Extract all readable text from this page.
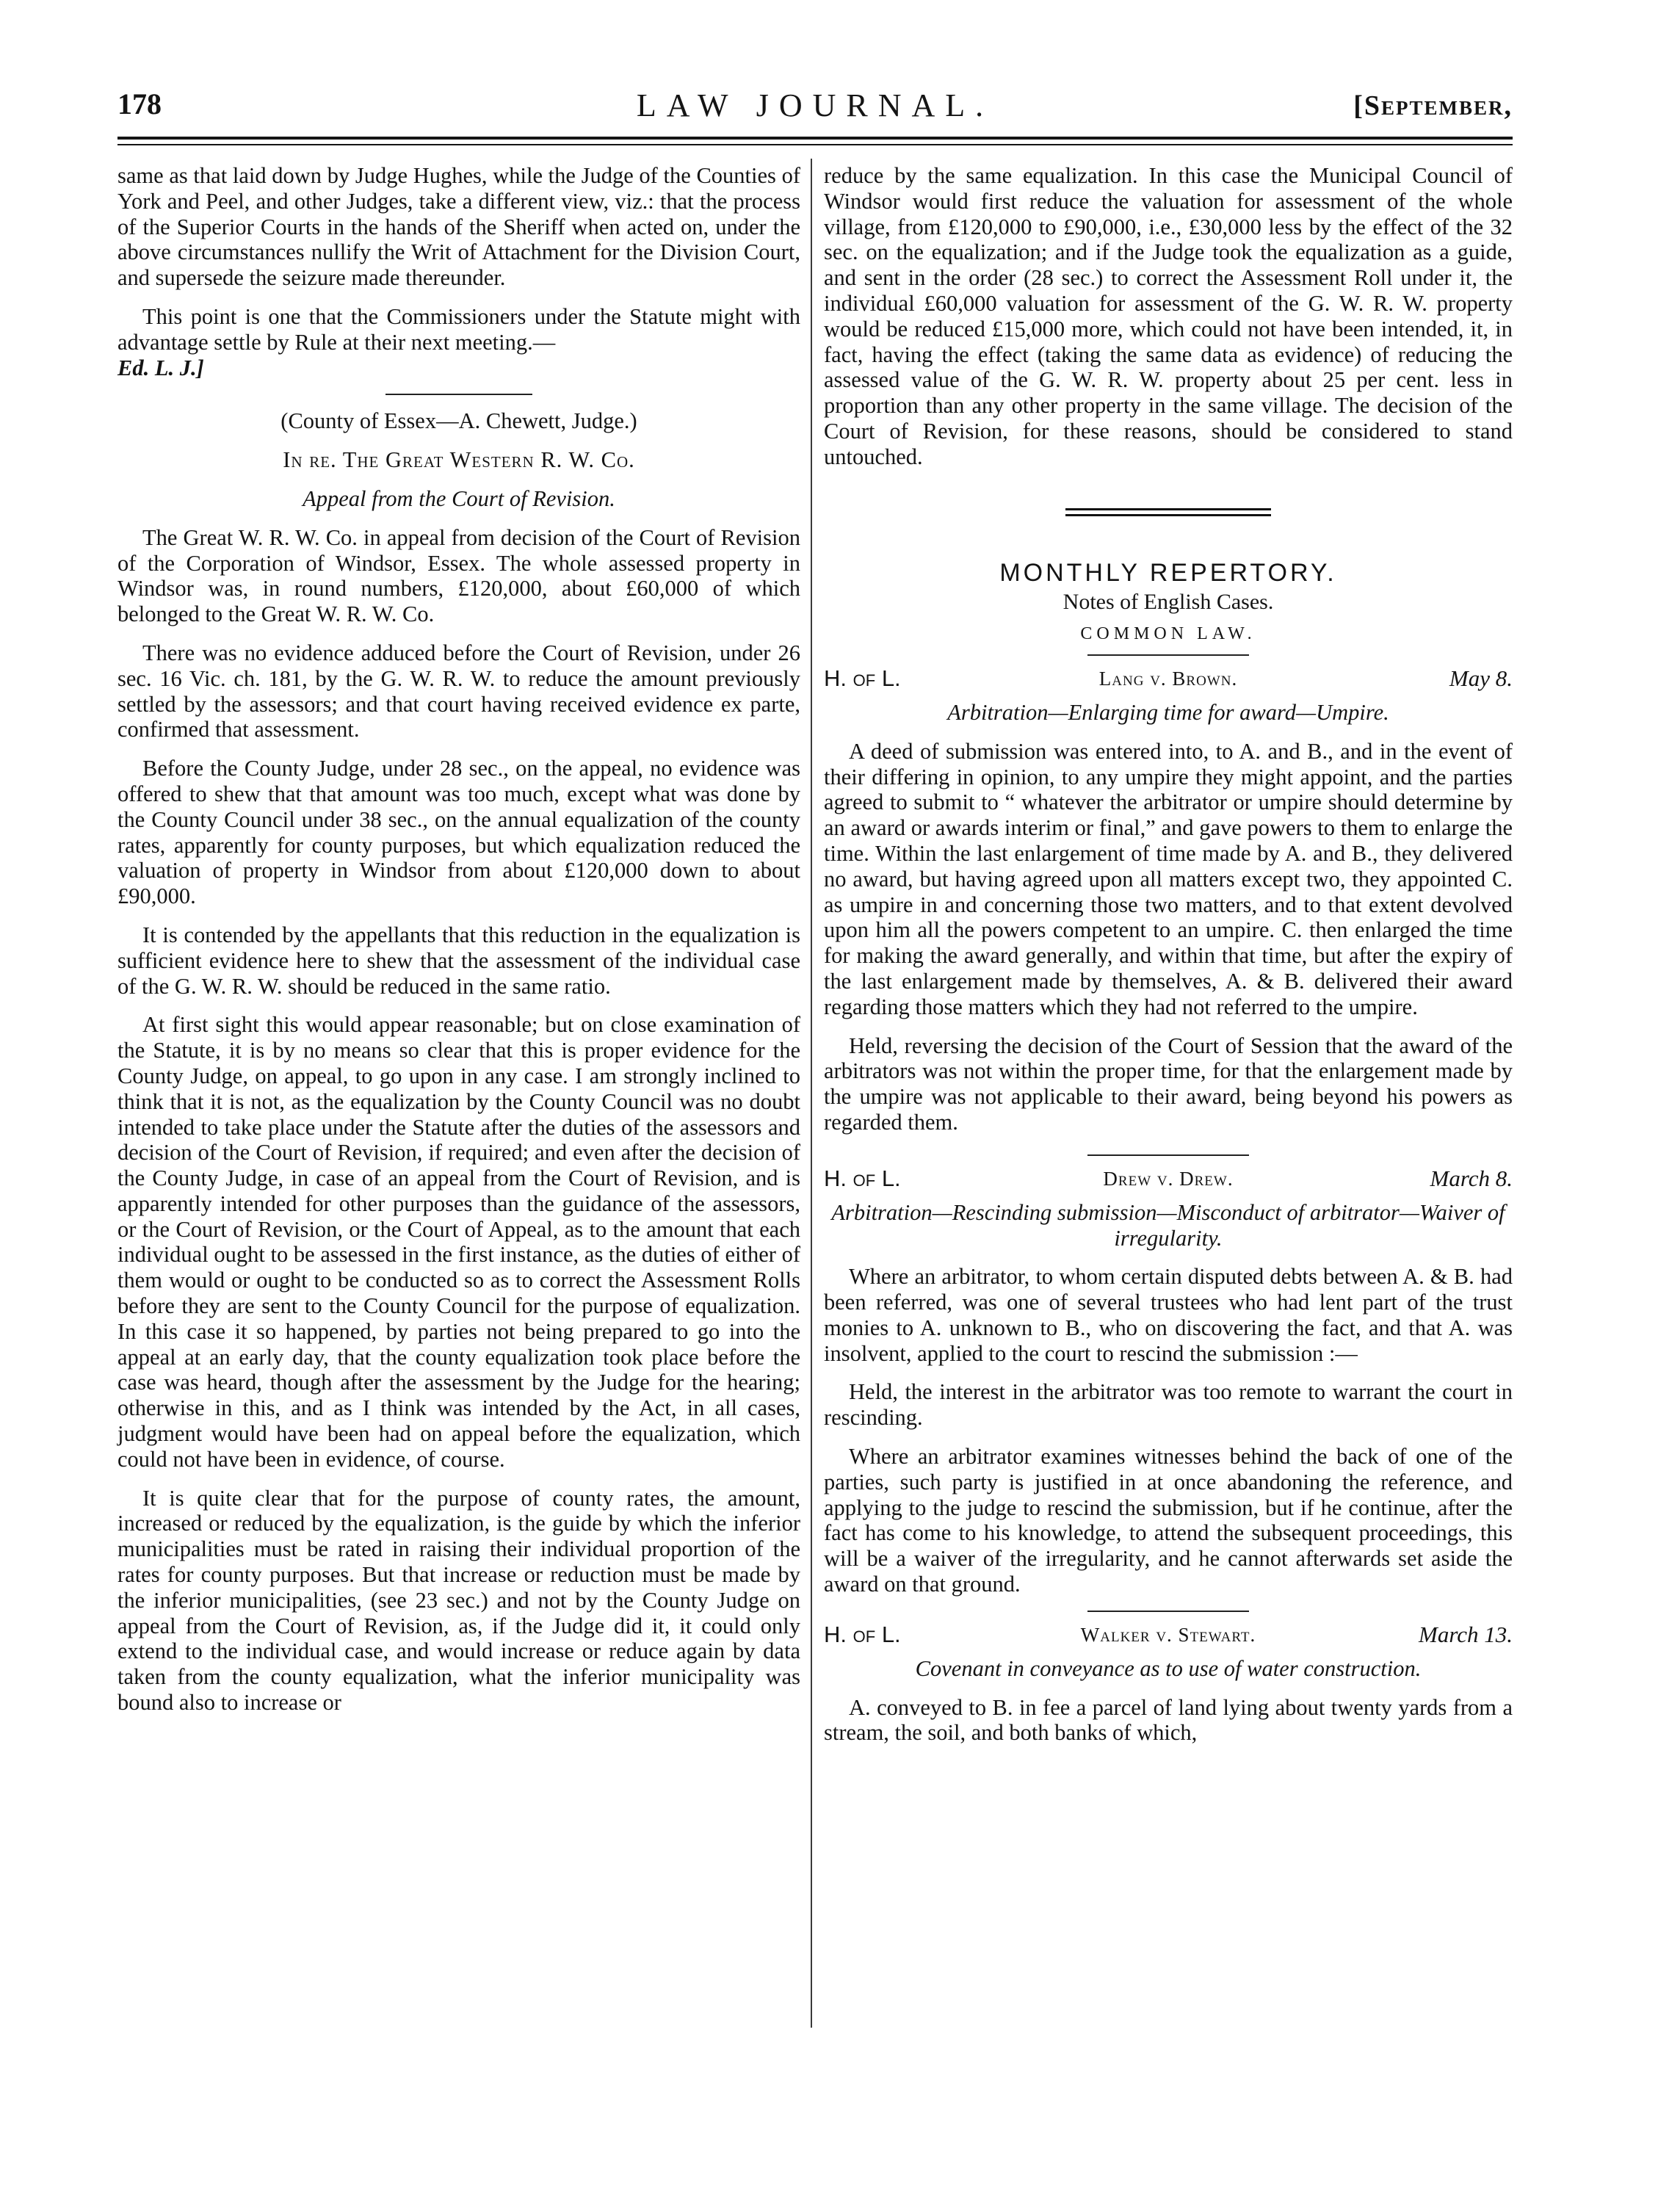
178	LAW JOURNAL.	[September,

same as that laid down by Judge Hughes, while the Judge of the Counties of York and Peel, and other Judges, take a different view, viz.: that the process of the Superior Courts in the hands of the Sheriff when acted on, under the above circumstances nullify the Writ of Attachment for the Division Court, and supersede the seizure made thereunder.

This point is one that the Commissioners under the Statute might with advantage settle by Rule at their next meeting.—
Ed. L. J.]

(County of Essex—A. Chewett, Judge.)

In re. The Great Western R. W. Co.

Appeal from the Court of Revision.

The Great W. R. W. Co. in appeal from decision of the Court of Revision of the Corporation of Windsor, Essex. The whole assessed property in Windsor was, in round numbers, £120,000, about £60,000 of which belonged to the Great W. R. W. Co.

There was no evidence adduced before the Court of Revision, under 26 sec. 16 Vic. ch. 181, by the G. W. R. W. to reduce the amount previously settled by the assessors; and that court having received evidence ex parte, confirmed that assessment.

Before the County Judge, under 28 sec., on the appeal, no evidence was offered to shew that that amount was too much, except what was done by the County Council under 38 sec., on the annual equalization of the county rates, apparently for county purposes, but which equalization reduced the valuation of property in Windsor from about £120,000 down to about £90,000.

It is contended by the appellants that this reduction in the equalization is sufficient evidence here to shew that the assessment of the individual case of the G. W. R. W. should be reduced in the same ratio.

At first sight this would appear reasonable; but on close examination of the Statute, it is by no means so clear that this is proper evidence for the County Judge, on appeal, to go upon in any case. I am strongly inclined to think that it is not, as the equalization by the County Council was no doubt intended to take place under the Statute after the duties of the assessors and decision of the Court of Revision, if required; and even after the decision of the County Judge, in case of an appeal from the Court of Revision, and is apparently intended for other purposes than the guidance of the assessors, or the Court of Revision, or the Court of Appeal, as to the amount that each individual ought to be assessed in the first instance, as the duties of either of them would or ought to be conducted so as to correct the Assessment Rolls before they are sent to the County Council for the purpose of equalization. In this case it so happened, by parties not being prepared to go into the appeal at an early day, that the county equalization took place before the case was heard, though after the assessment by the Judge for the hearing; otherwise in this, and as I think was intended by the Act, in all cases, judgment would have been had on appeal before the equalization, which could not have been in evidence, of course.

It is quite clear that for the purpose of county rates, the amount, increased or reduced by the equalization, is the guide by which the inferior municipalities must be rated in raising their individual proportion of the rates for county purposes. But that increase or reduction must be made by the inferior municipalities, (see 23 sec.) and not by the County Judge on appeal from the Court of Revision, as, if the Judge did it, it could only extend to the individual case, and would increase or reduce again by data taken from the county equalization, what the inferior municipality was bound also to increase or

reduce by the same equalization. In this case the Municipal Council of Windsor would first reduce the valuation for assessment of the whole village, from £120,000 to £90,000, i.e., £30,000 less by the effect of the 32 sec. on the equalization; and if the Judge took the equalization as a guide, and sent in the order (28 sec.) to correct the Assessment Roll under it, the individual £60,000 valuation for assessment of the G. W. R. W. property would be reduced £15,000 more, which could not have been intended, it, in fact, having the effect (taking the same data as evidence) of reducing the assessed value of the G. W. R. W. property about 25 per cent. less in proportion than any other property in the same village. The decision of the Court of Revision, for these reasons, should be considered to stand untouched.

MONTHLY REPERTORY.
Notes of English Cases.
COMMON LAW.
H. OF L.	Lang v. Brown.	May 8.

Arbitration—Enlarging time for award—Umpire.

A deed of submission was entered into, to A. and B., and in the event of their differing in opinion, to any umpire they might appoint, and the parties agreed to submit to “ whatever the arbitrator or umpire should determine by an award or awards interim or final,” and gave powers to them to enlarge the time. Within the last enlargement of time made by A. and B., they delivered no award, but having agreed upon all matters except two, they appointed C. as umpire in and concerning those two matters, and to that extent devolved upon him all the powers competent to an umpire. C. then enlarged the time for making the award generally, and within that time, but after the expiry of the last enlargement made by themselves, A. & B. delivered their award regarding those matters which they had not referred to the umpire.

Held, reversing the decision of the Court of Session that the award of the arbitrators was not within the proper time, for that the enlargement made by the umpire was not applicable to their award, being beyond his powers as regarded them.

H. OF L.	Drew v. Drew.	March 8.

Arbitration—Rescinding submission—Misconduct of arbitrator—Waiver of irregularity.

Where an arbitrator, to whom certain disputed debts between A. & B. had been referred, was one of several trustees who had lent part of the trust monies to A. unknown to B., who on discovering the fact, and that A. was insolvent, applied to the court to rescind the submission :—

Held, the interest in the arbitrator was too remote to warrant the court in rescinding.

Where an arbitrator examines witnesses behind the back of one of the parties, such party is justified in at once abandoning the reference, and applying to the judge to rescind the submission, but if he continue, after the fact has come to his knowledge, to attend the subsequent proceedings, this will be a waiver of the irregularity, and he cannot afterwards set aside the award on that ground.

H. OF L.	Walker v. Stewart.	March 13.

Covenant in conveyance as to use of water construction.

A. conveyed to B. in fee a parcel of land lying about twenty yards from a stream, the soil, and both banks of which,
